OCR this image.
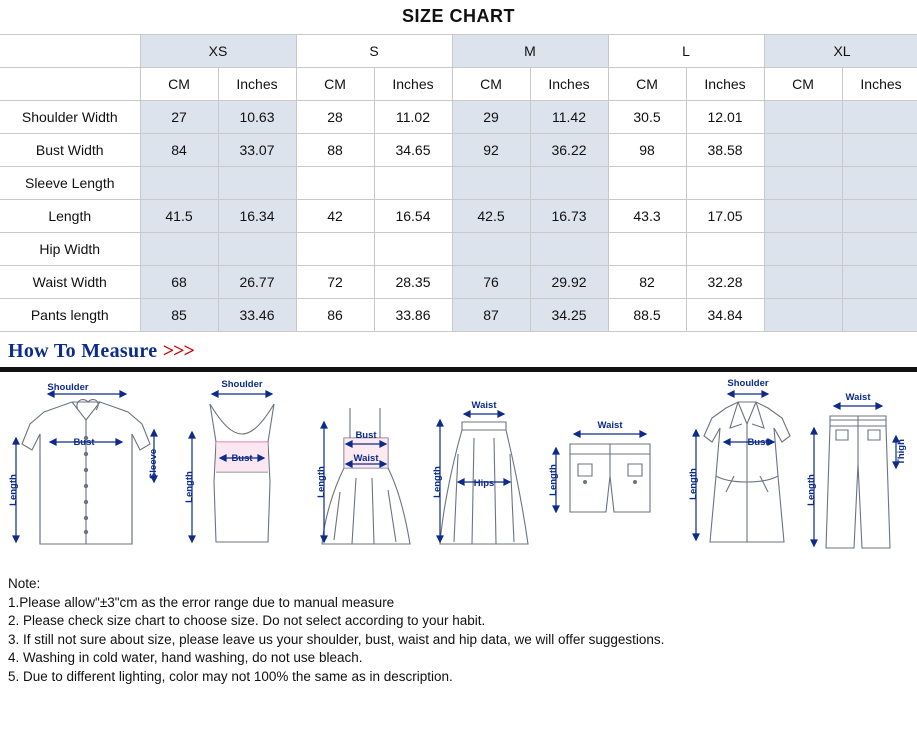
SIZE CHART
	XS		S		M		L		XL	
	CM	Inches	CM	Inches	CM	Inches	CM	Inches	CM	Inches
Shoulder Width	27	10.63	28	11.02	29	11.42	30.5	12.01		
Bust Width	84	33.07	88	34.65	92	36.22	98	38.58		
Sleeve Length										
Length	41.5	16.34	42	16.54	42.5	16.73	43.3	17.05		
Hip Width										
Waist Width	68	26.77	72	28.35	76	29.92	82	32.28		
Pants length	85	33.46	86	33.86	87	34.25	88.5	34.84		
How To Measure >>>
Shoulder
Bust
Length
Sleeve
Shoulder
Bust
Length
Bust
Waist
Length
Waist
Hips
Length
Waist
Length
Shoulder
Bust
Length
Waist
Thigh
Length
Note:
1.Please allow"±3"cm as the error range due to manual measure
2. Please check size chart to choose size. Do not select according to your habit.
3. If still not sure about size, please leave us your shoulder, bust, waist and hip data, we will offer suggestions.
4. Washing in cold water, hand washing, do not use bleach.
5. Due to different lighting, color may not 100% the same as in description.
